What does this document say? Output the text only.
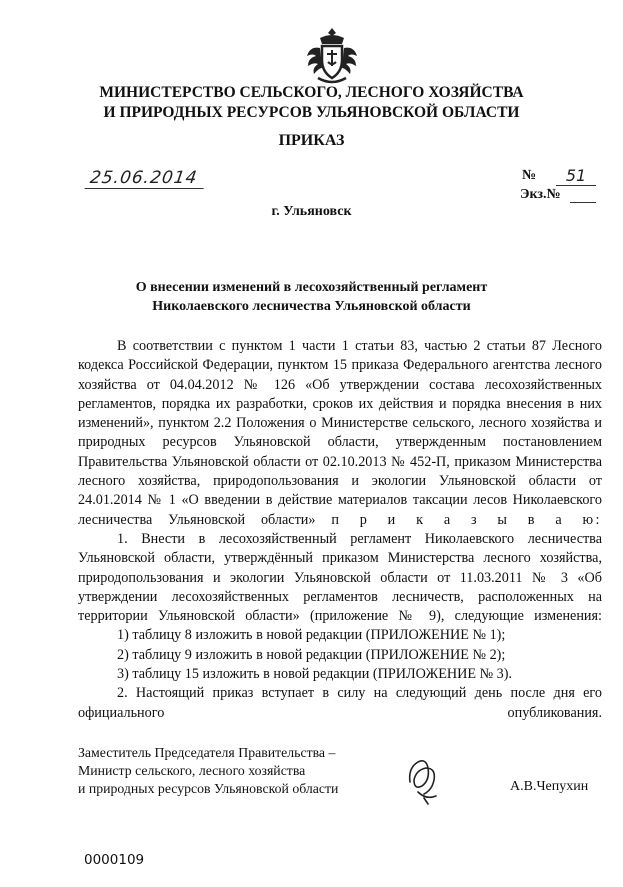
МИНИСТЕРСТВО СЕЛЬСКОГО, ЛЕСНОГО ХОЗЯЙСТВА
И ПРИРОДНЫХ РЕСУРСОВ УЛЬЯНОВСКОЙ ОБЛАСТИ
ПРИКАЗ
25.06.2014	№	51
Экз.№
г. Ульяновск
О внесении изменений в лесохозяйственный регламент
Николаевского лесничества Ульяновской области

В соответствии с пунктом 1 части 1 статьи 83, частью 2 статьи 87 Лесного кодекса Российской Федерации, пунктом 15 приказа Федерального агентства лесного хозяйства от 04.04.2012 № 126 «Об утверждении состава лесохозяйственных регламентов, порядка их разработки, сроков их действия и порядка внесения в них изменений», пунктом 2.2 Положения о Министерстве сельского, лесного хозяйства и природных ресурсов Ульяновской области, утвержденным постановлением Правительства Ульяновской области от 02.10.2013 № 452-П, приказом Министерства лесного хозяйства, природопользования и экологии Ульяновской области от 24.01.2014 № 1 «О введении в действие материалов таксации лесов Николаевского лесничества Ульяновской области» п р и к а з ы в а ю:

1. Внести в лесохозяйственный регламент Николаевского лесничества Ульяновской области, утверждённый приказом Министерства лесного хозяйства, природопользования и экологии Ульяновской области от 11.03.2011 № 3 «Об утверждении лесохозяйственных регламентов лесничеств, расположенных на территории Ульяновской области» (приложение № 9), следующие изменения:

1) таблицу 8 изложить в новой редакции (ПРИЛОЖЕНИЕ № 1);

2) таблицу 9 изложить в новой редакции (ПРИЛОЖЕНИЕ № 2);

3) таблицу 15 изложить в новой редакции (ПРИЛОЖЕНИЕ № 3).

2. Настоящий приказ вступает в силу на следующий день после дня его официального опубликования.

Заместитель Председателя Правительства –
Министр сельского, лесного хозяйства
и природных ресурсов Ульяновской области	А.В.Чепухин
0000109
